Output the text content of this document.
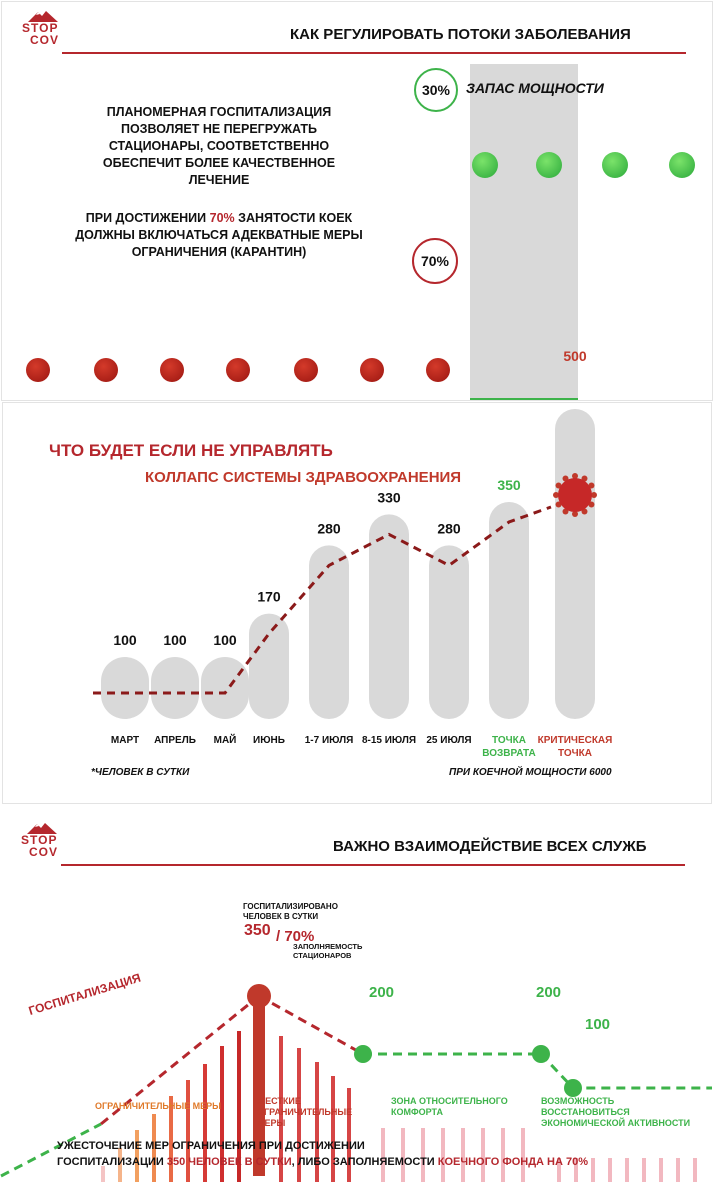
STOP
COV	КАК РЕГУЛИРОВАТЬ ПОТОКИ ЗАБОЛЕВАНИЯ
30% ЗАПАС МОЩНОСТИ
ПЛАНОМЕРНАЯ ГОСПИТАЛИЗАЦИЯ ПОЗВОЛЯЕТ НЕ ПЕРЕГРУЖАТЬ СТАЦИОНАРЫ, СООТВЕТСТВЕННО ОБЕСПЕЧИТ БОЛЕЕ КАЧЕСТВЕННОЕ ЛЕЧЕНИЕ
ПРИ ДОСТИЖЕНИИ 70% ЗАНЯТОСТИ КОЕК ДОЛЖНЫ ВКЛЮЧАТЬСЯ АДЕКВАТНЫЕ МЕРЫ ОГРАНИЧЕНИЯ (КАРАНТИН)
70%
ЧТО БУДЕТ ЕСЛИ НЕ УПРАВЛЯТЬ
КОЛЛАПС СИСТЕМЫ ЗДРАВООХРАНЕНИЯ
100
МАРТ
100
АПРЕЛЬ
100
МАЙ
170
ИЮНЬ
280
1-7 ИЮЛЯ
330
8-15 ИЮЛЯ
280
25 ИЮЛЯ
350
ТОЧКА
ВОЗВРАТА
500
КРИТИЧЕСКАЯ
ТОЧКА
*ЧЕЛОВЕК В СУТКИ	ПРИ КОЕЧНОЙ МОЩНОСТИ 6000
STOP
COV	ВАЖНО ВЗАИМОДЕЙСТВИЕ ВСЕХ СЛУЖБ
ГОСПИТАЛИЗАЦИЯ
ГОСПИТАЛИЗИРОВАНО ЧЕЛОВЕК В СУТКИ
350 / 70%
ЗАПОЛНЯЕМОСТЬ СТАЦИОНАРОВ
200	200
100
ОГРАНИЧИТЕЛЬНЫЕ МЕРЫ	ЖЕСТКИЕ ОГРАНИЧИТЕЛЬНЫЕ МЕРЫ
ЗОНА ОТНОСИТЕЛЬНОГО КОМФОРТА
ВОЗМОЖНОСТЬ ВОССТАНОВИТЬСЯ ЭКОНОМИЧЕСКОЙ АКТИВНОСТИ
УЖЕСТОЧЕНИЕ МЕР ОГРАНИЧЕНИЯ ПРИ ДОСТИЖЕНИИ
ГОСПИТАЛИЗАЦИИ 350 ЧЕЛОВЕК В СУТКИ, ЛИБО ЗАПОЛНЯЕМОСТИ КОЕЧНОГО ФОНДА НА 70%
